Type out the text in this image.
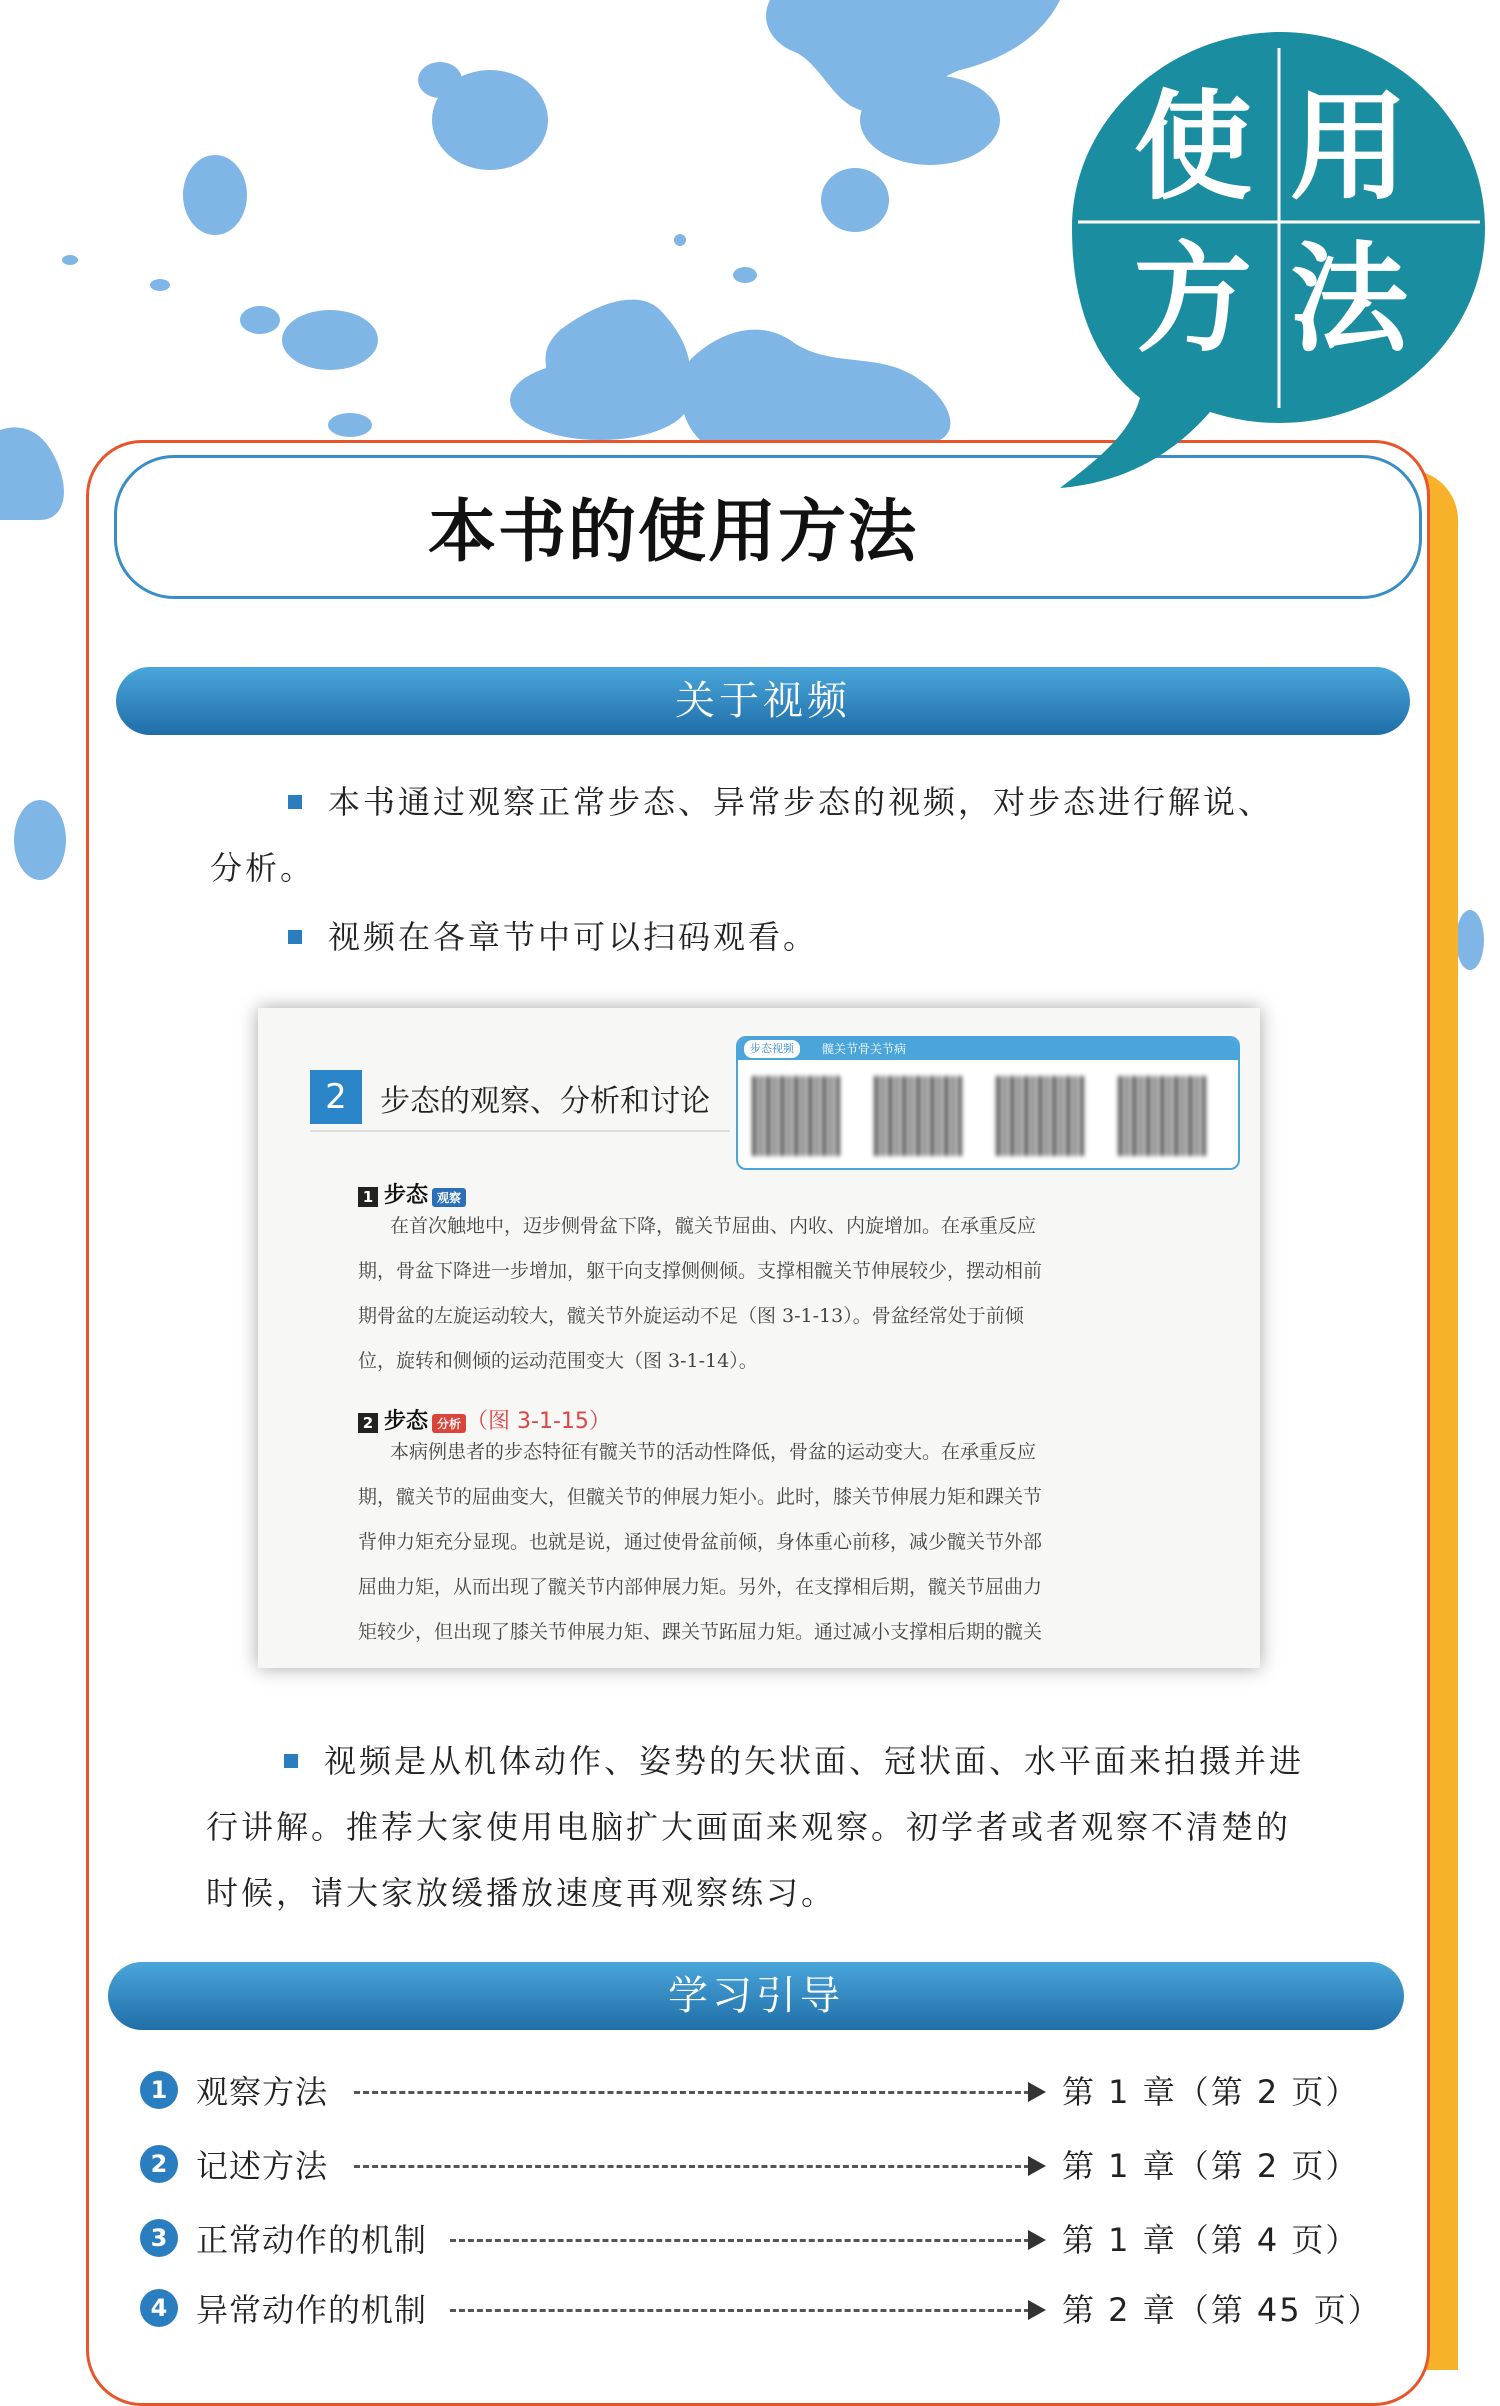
本书的使用方法
使 用
方 法
关于视频
本书通过观察正常步态、异常步态的视频，对步态进行解说、
分析。
视频在各章节中可以扫码观看。
2	步态的观察、分析和讨论
步态视频	髋关节骨关节病
1 步态 观察
在首次触地中，迈步侧骨盆下降，髋关节屈曲、内收、内旋增加。在承重反应
期，骨盆下降进一步增加，躯干向支撑侧侧倾。支撑相髋关节伸展较少，摆动相前
期骨盆的左旋运动较大，髋关节外旋运动不足（图 3-1-13）。骨盆经常处于前倾
位，旋转和侧倾的运动范围变大（图 3-1-14）。
2 步态 分析 （图 3-1-15）
本病例患者的步态特征有髋关节的活动性降低，骨盆的运动变大。在承重反应
期，髋关节的屈曲变大，但髋关节的伸展力矩小。此时，膝关节伸展力矩和踝关节
背伸力矩充分显现。也就是说，通过使骨盆前倾，身体重心前移，减少髋关节外部
屈曲力矩，从而出现了髋关节内部伸展力矩。另外，在支撑相后期，髋关节屈曲力
矩较少，但出现了膝关节伸展力矩、踝关节跖屈力矩。通过减小支撑相后期的髋关
视频是从机体动作、姿势的矢状面、冠状面、水平面来拍摄并进
行讲解。推荐大家使用电脑扩大画面来观察。初学者或者观察不清楚的
时候，请大家放缓播放速度再观察练习。
学习引导
1 观察方法	第 1 章（第 2 页）
2 记述方法	第 1 章（第 2 页）
3 正常动作的机制	第 1 章（第 4 页）
4 异常动作的机制	第 2 章（第 45 页）
